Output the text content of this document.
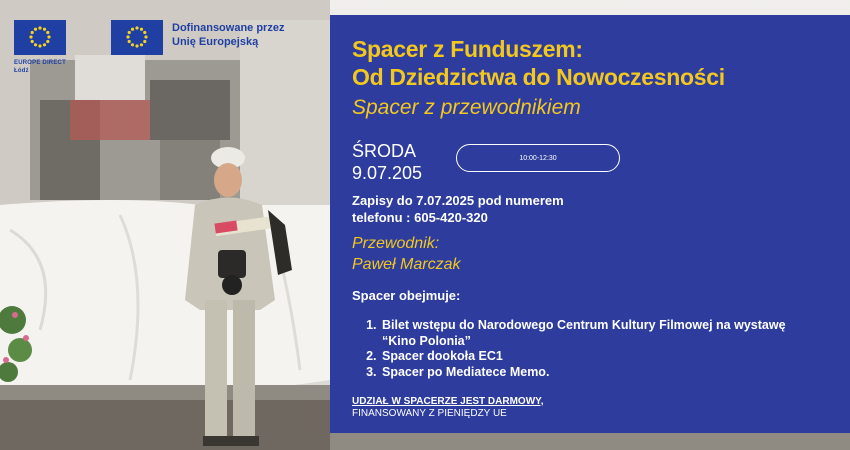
EUROPE DIRECT
Łódź
Dofinansowane przez
Unię Europejską	Spacer z Funduszem:
Od Dziedzictwa do Nowoczesności
Spacer z przewodnikiem
ŚRODA
9.07.205
10:00-12:30
Zapisy do 7.07.2025 pod numerem
telefonu : 605-420-320
Przewodnik:
Paweł Marczak
Spacer obejmuje:
1. Bilet wstępu do Narodowego Centrum Kultury Filmowej na wystawę “Kino Polonia”
2. Spacer dookoła EC1
3. Spacer po Mediatece Memo.
UDZIAŁ W SPACERZE JEST DARMOWY,
FINANSOWANY Z PIENIĘDZY UE
